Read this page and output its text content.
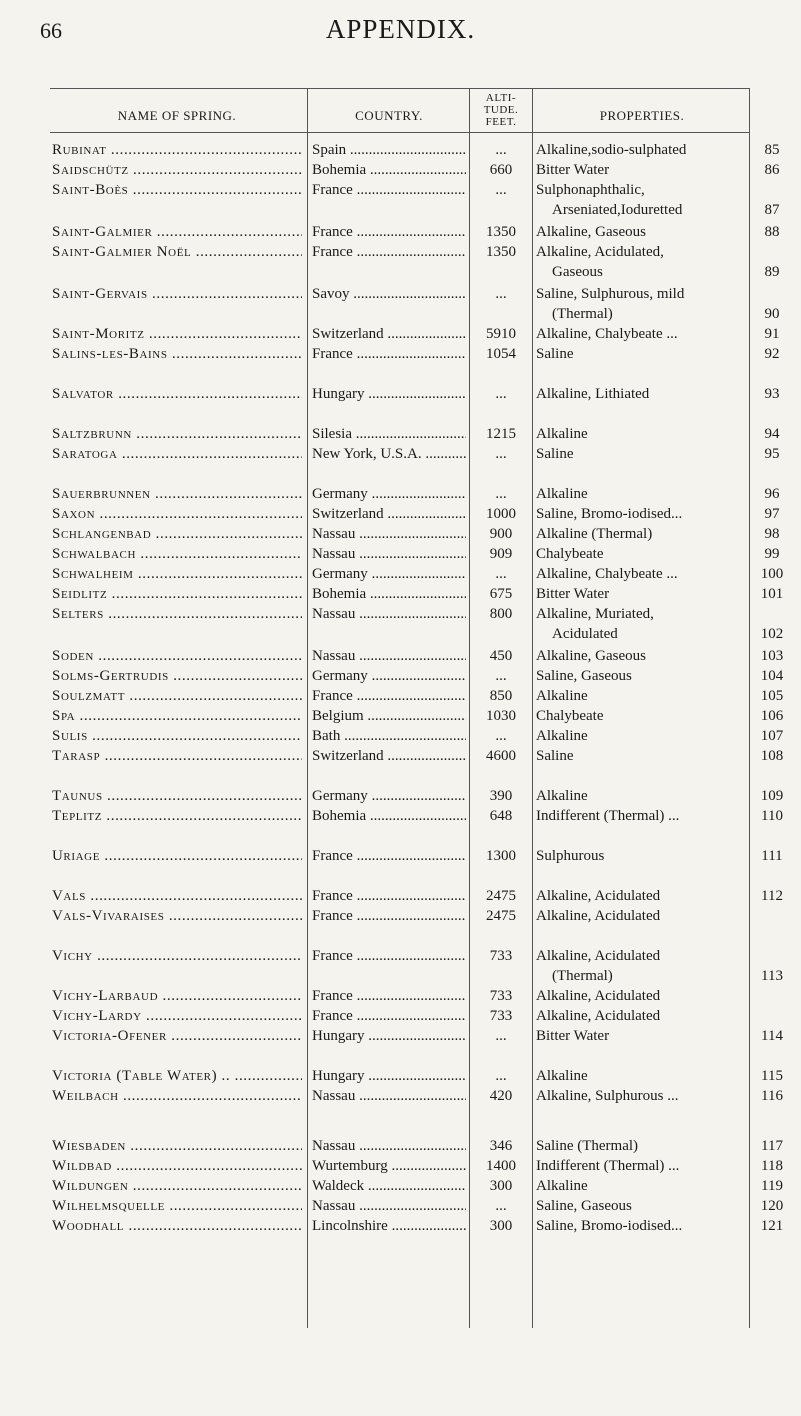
66	APPENDIX.
NAME OF SPRING.	COUNTRY.
ALTI-
TUDE.
FEET.	PROPERTIES.
Rubinat .....	Spain .....	...	Alkaline,sodio-sulphated	85
Saidschütz .....	Bohemia .....	660	Bitter Water	86
Saint-Boès .....	France .....	...	Sulphonaphthalic,
Arseniated,Ioduretted	87
Saint-Galmier .....	France .....	1350	Alkaline, Gaseous	88
Saint-Galmier Noël .....	France .....	1350	Alkaline, Acidulated,
Gaseous	89
Saint-Gervais .....	Savoy .....	...	Saline, Sulphurous, mild
(Thermal)	90
Saint-Moritz .....	Switzerland .....	5910	Alkaline, Chalybeate ...	91
Salins-les-Bains .....	France .....	1054	Saline	92
Salvator .....	Hungary .....	...	Alkaline, Lithiated	93
Saltzbrunn .....	Silesia .....	1215	Alkaline	94
Saratoga .....	New York, U.S.A. .....	...	Saline	95
Sauerbrunnen .....	Germany .....	...	Alkaline	96
Saxon .....	Switzerland .....	1000	Saline, Bromo-iodised...	97
Schlangenbad .....	Nassau .....	900	Alkaline (Thermal)	98
Schwalbach .....	Nassau .....	909	Chalybeate	99
Schwalheim .....	Germany .....	...	Alkaline, Chalybeate ...	100
Seidlitz .....	Bohemia .....	675	Bitter Water	101
Selters .....	Nassau .....	800	Alkaline, Muriated,
Acidulated	102
Soden .....	Nassau .....	450	Alkaline, Gaseous	103
Solms-Gertrudis .....	Germany .....	...	Saline, Gaseous	104
Soulzmatt .....	France .....	850	Alkaline	105
Spa .....	Belgium .....	1030	Chalybeate	106
Sulis .....	Bath .....	...	Alkaline	107
Tarasp .....	Switzerland .....	4600	Saline	108
Taunus .....	Germany .....	390	Alkaline	109
Teplitz .....	Bohemia .....	648	Indifferent (Thermal) ...	110
Uriage .....	France .....	1300	Sulphurous	111
Vals .....	France .....	2475	Alkaline, Acidulated	112
Vals-Vivaraises .....	France .....	2475	Alkaline, Acidulated
Vichy .....	France .....	733	Alkaline, Acidulated
(Thermal)	113
Vichy-Larbaud .....	France .....	733	Alkaline, Acidulated
Vichy-Lardy .....	France .....	733	Alkaline, Acidulated
Victoria-Ofener .....	Hungary .....	...	Bitter Water	114
Victoria (Table Water) .. .....	Hungary .....	...	Alkaline	115
Weilbach .....	Nassau .....	420	Alkaline, Sulphurous ...	116
Wiesbaden .....	Nassau .....	346	Saline (Thermal)	117
Wildbad .....	Wurtemburg .....	1400	Indifferent (Thermal) ...	118
Wildungen .....	Waldeck .....	300	Alkaline	119
Wilhelmsquelle .....	Nassau .....	...	Saline, Gaseous	120
Woodhall .....	Lincolnshire .....	300	Saline, Bromo-iodised...	121
